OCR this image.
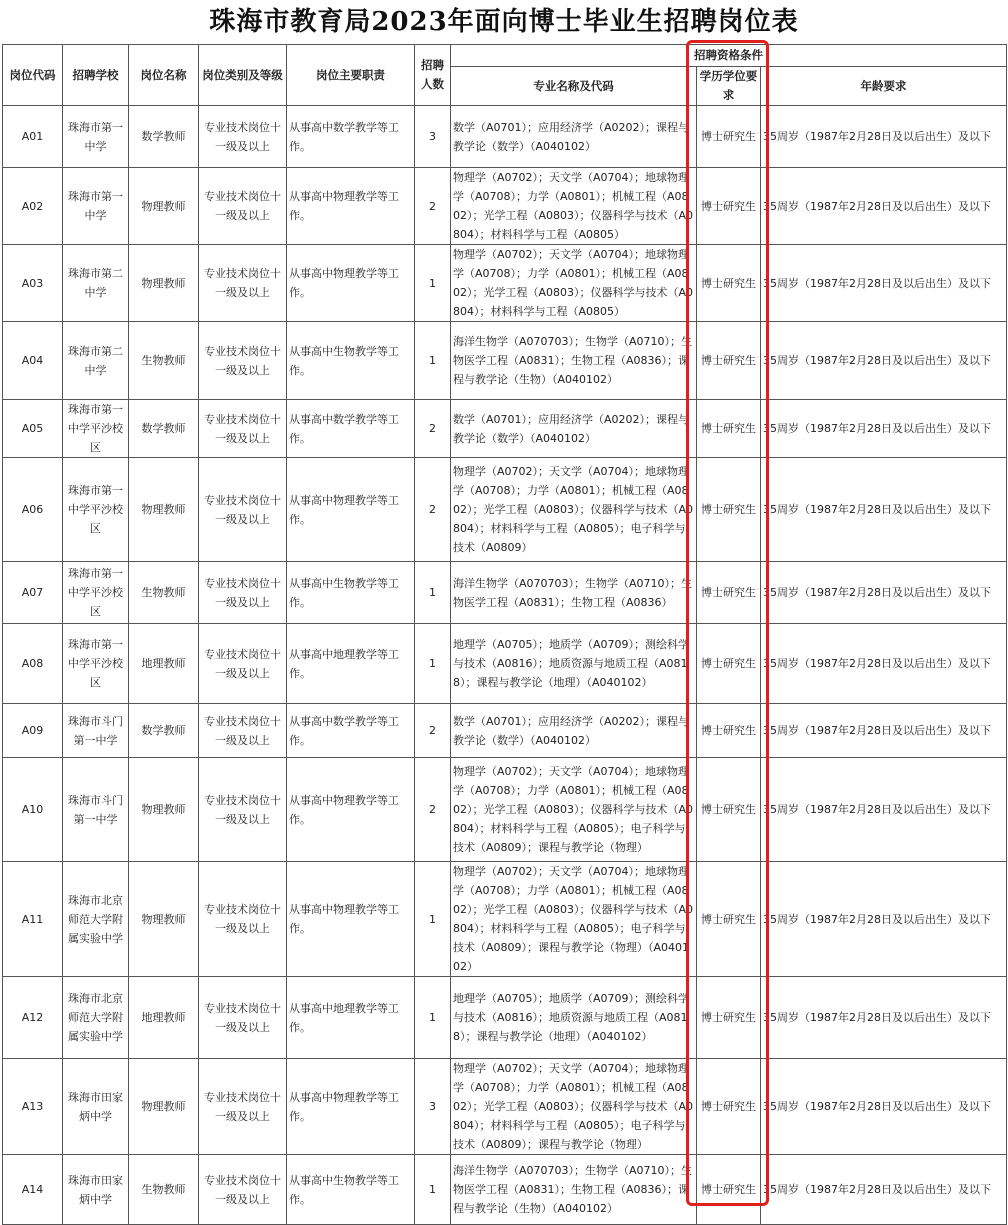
珠海市教育局2023年面向博士毕业生招聘岗位表
岗位代码	招聘学校	岗位名称	岗位类别及等级	岗位主要职责	招聘人数	招聘资格条件		
						专业名称及代码	学历学位要求	年龄要求
A01	珠海市第一中学	数学教师	专业技术岗位十一级及以上	从事高中数学教学等工作。	3	数学（A0701）；应用经济学（A0202）；课程与教学论（数学）（A040102）	博士研究生	35周岁（1987年2月28日及以后出生）及以下
A02	珠海市第一中学	物理教师	专业技术岗位十一级及以上	从事高中物理教学等工作。	2	物理学（A0702）；天文学（A0704）；地球物理学（A0708）；力学（A0801）；机械工程（A0802）；光学工程（A0803）；仪器科学与技术（A0804）；材料科学与工程（A0805）	博士研究生	35周岁（1987年2月28日及以后出生）及以下
A03	珠海市第二中学	物理教师	专业技术岗位十一级及以上	从事高中物理教学等工作。	1	物理学（A0702）；天文学（A0704）；地球物理学（A0708）；力学（A0801）；机械工程（A0802）；光学工程（A0803）；仪器科学与技术（A0804）；材料科学与工程（A0805）	博士研究生	35周岁（1987年2月28日及以后出生）及以下
A04	珠海市第二中学	生物教师	专业技术岗位十一级及以上	从事高中生物教学等工作。	1	海洋生物学（A070703）；生物学（A0710）；生物医学工程（A0831）；生物工程（A0836）；课程与教学论（生物）（A040102）	博士研究生	35周岁（1987年2月28日及以后出生）及以下
A05	珠海市第一中学平沙校区	数学教师	专业技术岗位十一级及以上	从事高中数学教学等工作。	2	数学（A0701）；应用经济学（A0202）；课程与教学论（数学）（A040102）	博士研究生	35周岁（1987年2月28日及以后出生）及以下
A06	珠海市第一中学平沙校区	物理教师	专业技术岗位十一级及以上	从事高中物理教学等工作。	2	物理学（A0702）；天文学（A0704）；地球物理学（A0708）；力学（A0801）；机械工程（A0802）；光学工程（A0803）；仪器科学与技术（A0804）；材料科学与工程（A0805）；电子科学与技术（A0809）	博士研究生	35周岁（1987年2月28日及以后出生）及以下
A07	珠海市第一中学平沙校区	生物教师	专业技术岗位十一级及以上	从事高中生物教学等工作。	1	海洋生物学（A070703）；生物学（A0710）；生物医学工程（A0831）；生物工程（A0836）	博士研究生	35周岁（1987年2月28日及以后出生）及以下
A08	珠海市第一中学平沙校区	地理教师	专业技术岗位十一级及以上	从事高中地理教学等工作。	1	地理学（A0705）；地质学（A0709）；测绘科学与技术（A0816）；地质资源与地质工程（A0818）；课程与教学论（地理）（A040102）	博士研究生	35周岁（1987年2月28日及以后出生）及以下
A09	珠海市斗门第一中学	数学教师	专业技术岗位十一级及以上	从事高中数学教学等工作。	2	数学（A0701）；应用经济学（A0202）；课程与教学论（数学）（A040102）	博士研究生	35周岁（1987年2月28日及以后出生）及以下
A10	珠海市斗门第一中学	物理教师	专业技术岗位十一级及以上	从事高中物理教学等工作。	2	物理学（A0702）；天文学（A0704）；地球物理学（A0708）；力学（A0801）；机械工程（A0802）；光学工程（A0803）；仪器科学与技术（A0804）；材料科学与工程（A0805）；电子科学与技术（A0809）；课程与教学论（物理）	博士研究生	35周岁（1987年2月28日及以后出生）及以下
A11	珠海市北京师范大学附属实验中学	物理教师	专业技术岗位十一级及以上	从事高中物理教学等工作。	1	物理学（A0702）；天文学（A0704）；地球物理学（A0708）；力学（A0801）；机械工程（A0802）；光学工程（A0803）；仪器科学与技术（A0804）；材料科学与工程（A0805）；电子科学与技术（A0809）；课程与教学论（物理）（A040102）	博士研究生	35周岁（1987年2月28日及以后出生）及以下
A12	珠海市北京师范大学附属实验中学	地理教师	专业技术岗位十一级及以上	从事高中地理教学等工作。	1	地理学（A0705）；地质学（A0709）；测绘科学与技术（A0816）；地质资源与地质工程（A0818）；课程与教学论（地理）（A040102）	博士研究生	35周岁（1987年2月28日及以后出生）及以下
A13	珠海市田家炳中学	物理教师	专业技术岗位十一级及以上	从事高中物理教学等工作。	3	物理学（A0702）；天文学（A0704）；地球物理学（A0708）；力学（A0801）；机械工程（A0802）；光学工程（A0803）；仪器科学与技术（A0804）；材料科学与工程（A0805）；电子科学与技术（A0809）；课程与教学论（物理）	博士研究生	35周岁（1987年2月28日及以后出生）及以下
A14	珠海市田家炳中学	生物教师	专业技术岗位十一级及以上	从事高中生物教学等工作。	1	海洋生物学（A070703）；生物学（A0710）；生物医学工程（A0831）；生物工程（A0836）；课程与教学论（生物）（A040102）	博士研究生	35周岁（1987年2月28日及以后出生）及以下
